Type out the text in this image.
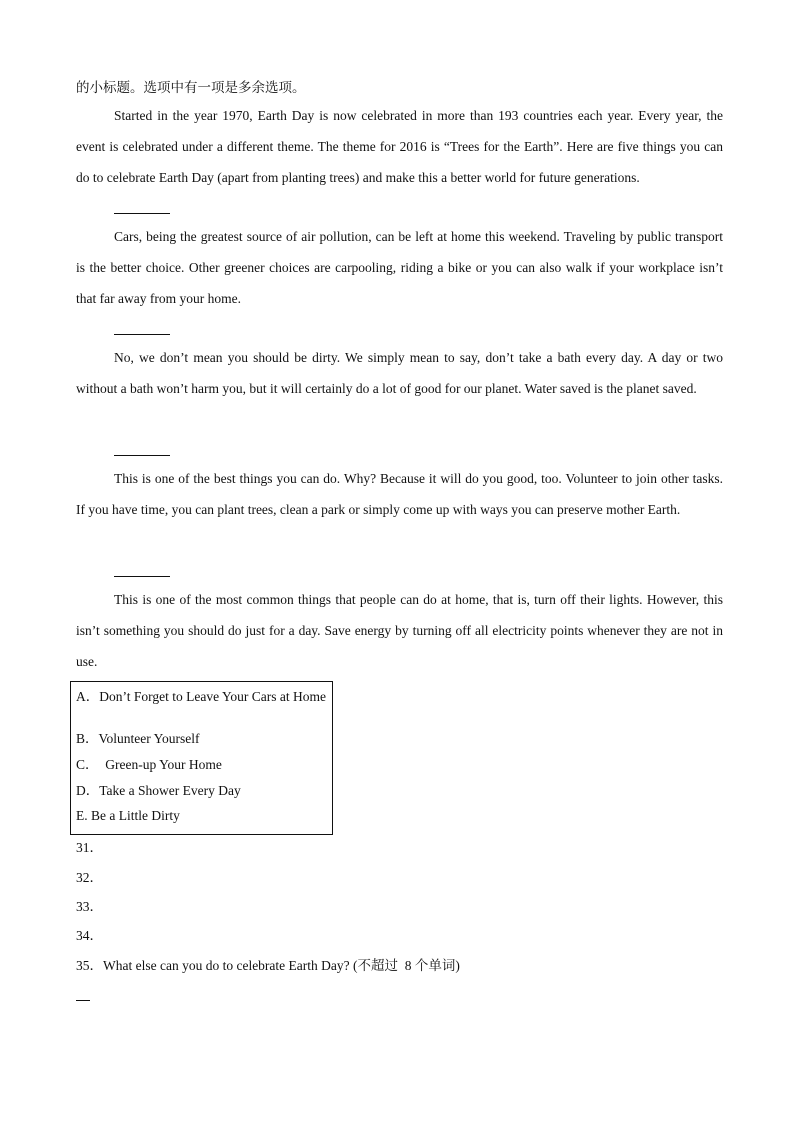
的小标题。选项中有一项是多余选项。

Started in the year 1970, Earth Day is now celebrated in more than 193 countries each year. Every year, the event is celebrated under a different theme. The theme for 2016 is “Trees for the Earth”. Here are five things you can do to celebrate Earth Day (apart from planting trees) and make this a better world for future generations.

Cars, being the greatest source of air pollution, can be left at home this weekend. Traveling by public transport is the better choice. Other greener choices are carpooling, riding a bike or you can also walk if your workplace isn’t that far away from your home.

No, we don’t mean you should be dirty. We simply mean to say, don’t take a bath every day. A day or two without a bath won’t harm you, but it will certainly do a lot of good for our planet. Water saved is the planet saved.

This is one of the best things you can do. Why? Because it will do you good, too. Volunteer to join other tasks. If you have time, you can plant trees, clean a park or simply come up with ways you can preserve mother Earth.

This is one of the most common things that people can do at home, that is, turn off their lights. However, this isn’t something you should do just for a day. Save energy by turning off all electricity points whenever they are not in use.

A．Don’t Forget to Leave Your Cars at Home
B．Volunteer Yourself
C．  Green-up Your Home
D．Take a Shower Every Day
E. Be a Little Dirty
31．
32．
33．
34．
35．What else can you do to celebrate Earth Day? (不超过  8 个单词)
